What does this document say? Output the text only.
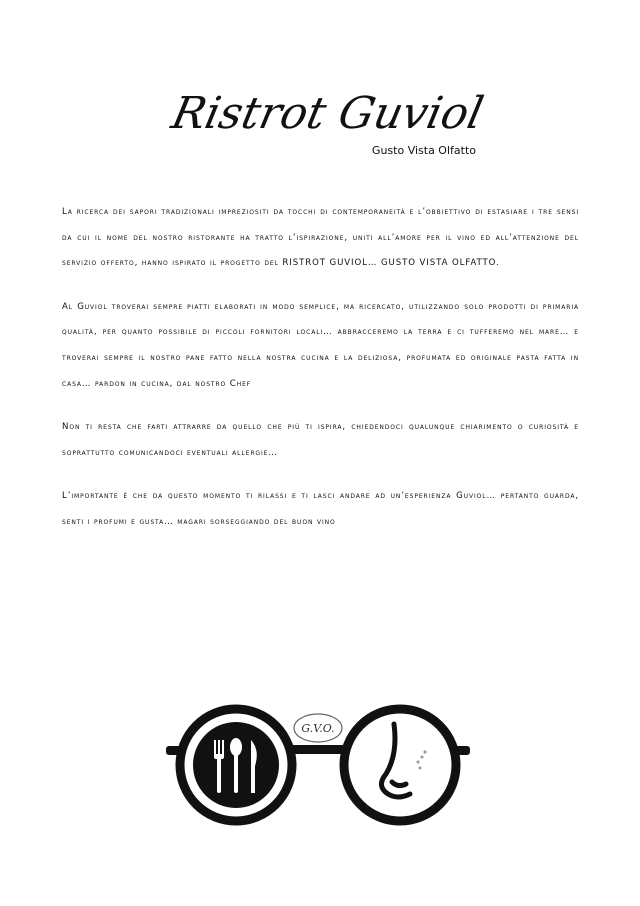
Ristrot Guviol
Gusto Vista Olfatto

La ricerca dei sapori tradizionali impreziositi da tocchi di contemporaneità e l’obbiettivo di estasiare i tre sensi da cui il nome del nostro ristorante ha tratto l’ispirazione, uniti all’amore per il vino ed all’attenzione del servizio offerto, hanno ispirato il progetto del RISTROT GUVIOL… GUSTO VISTA OLFATTO.

Al Guviol troverai sempre piatti elaborati in modo semplice, ma ricercato, utilizzando solo prodotti di primaria qualità, per quanto possibile di piccoli fornitori locali… abbracceremo la terra e ci tufferemo nel mare… e troverai sempre il nostro pane fatto nella nostra cucina e la deliziosa, profumata ed originale pasta fatta in casa… pardon in cucina, dal nostro Chef

Non ti resta che farti attrarre da quello che più ti ispira, chiedendoci qualunque chiarimento o curiosità e soprattutto comunicandoci eventuali allergie…

L’importante è che da questo momento ti rilassi e ti lasci andare ad un’esperienza Guviol… pertanto guarda, senti i profumi e gusta… magari sorseggiando del buon vino

G.V.O.
